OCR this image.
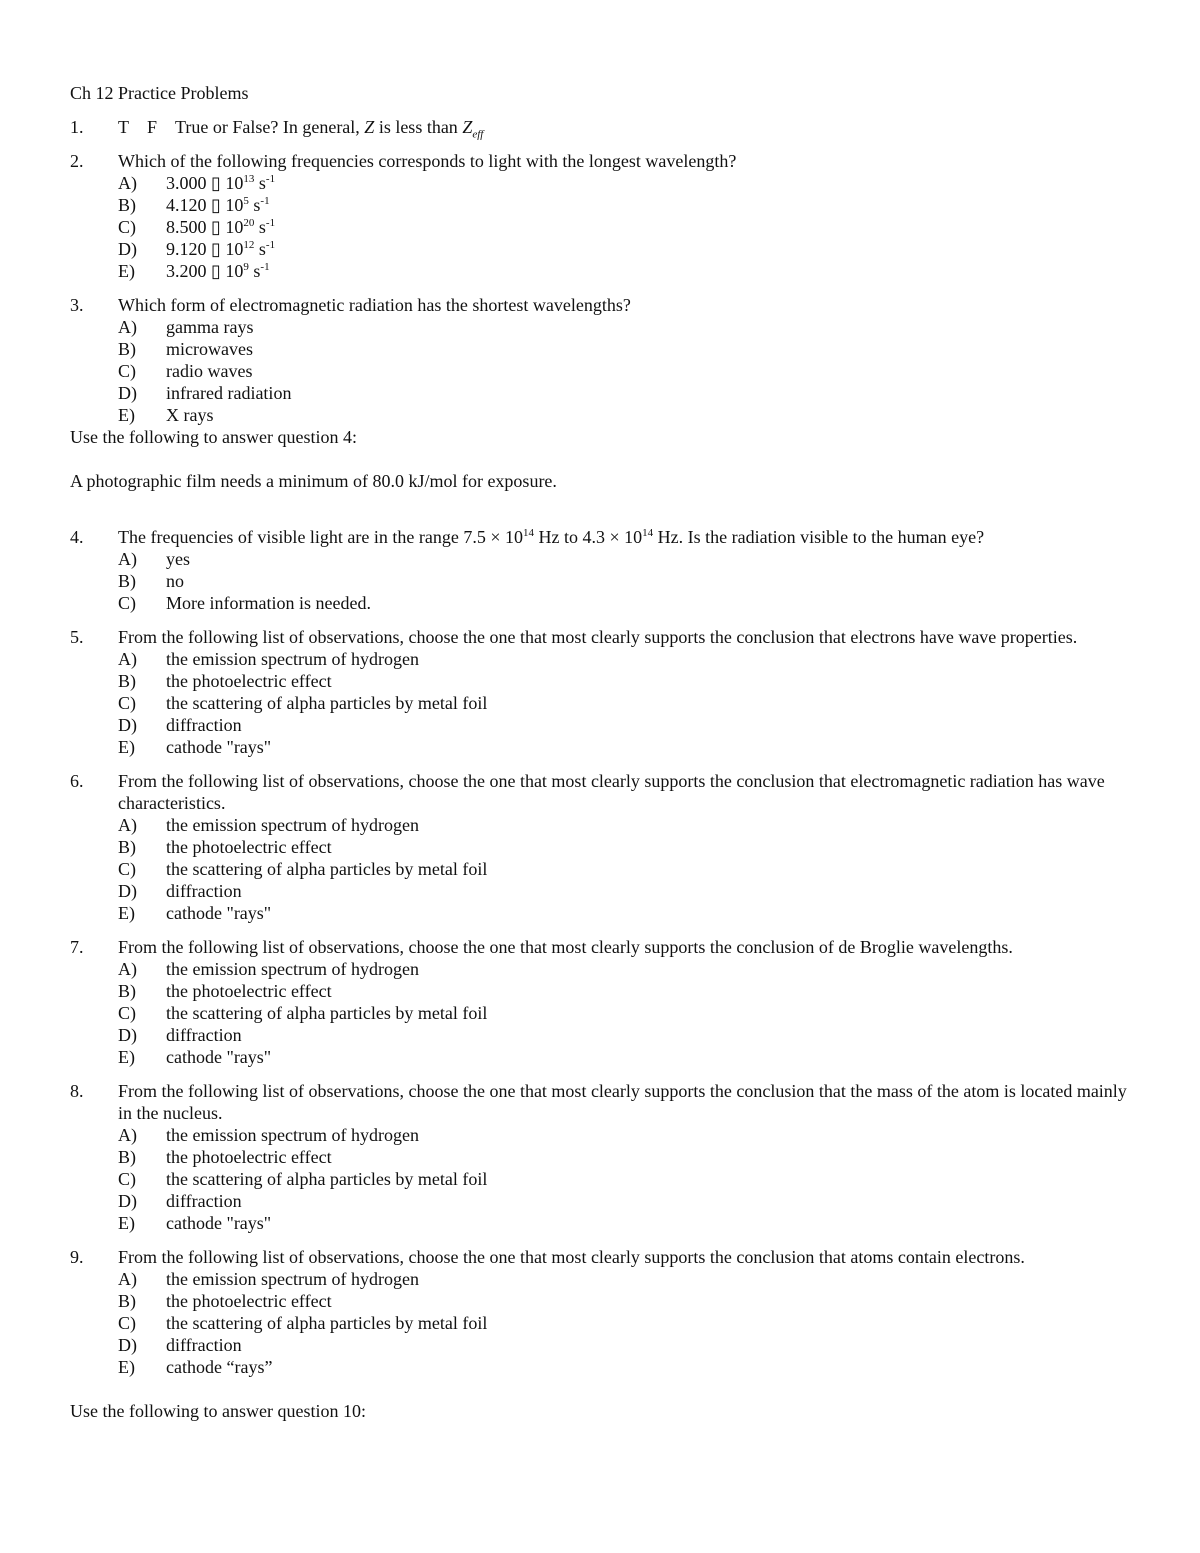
Ch 12 Practice Problems
1. T F True or False? In general, Z is less than $Z_{eff}$
2. Which of the following frequencies corresponds to light with the longest wavelength?
A) 3.000 ▯ $10^{13}$ $s^{-1}$
B) 4.120 ▯ $10^5$ $s^{-1}$
C) 8.500 ▯ $10^{20}$ $s^{-1}$
D) 9.120 ▯ $10^{12}$ $s^{-1}$
E) 3.200 ▯ $10^9$ $s^{-1}$
3. Which form of electromagnetic radiation has the shortest wavelengths?
A) gamma rays
B) microwaves
C) radio waves
D) infrared radiation
E) X rays
Use the following to answer question 4:
A photographic film needs a minimum of 80.0 kJ/mol for exposure.
4. The frequencies of visible light are in the range $7.5 \times 10^{14}$ Hz to $4.3 \times 10^{14}$ Hz. Is the radiation visible to the human eye?
A) yes
B) no
C) More information is needed.
5. From the following list of observations, choose the one that most clearly supports the conclusion that electrons have wave properties.
A) the emission spectrum of hydrogen
B) the photoelectric effect
C) the scattering of alpha particles by metal foil
D) diffraction
E) cathode "rays"
6. From the following list of observations, choose the one that most clearly supports the conclusion that electromagnetic radiation has wave characteristics.
A) the emission spectrum of hydrogen
B) the photoelectric effect
C) the scattering of alpha particles by metal foil
D) diffraction
E) cathode "rays"
7. From the following list of observations, choose the one that most clearly supports the conclusion of de Broglie wavelengths.
A) the emission spectrum of hydrogen
B) the photoelectric effect
C) the scattering of alpha particles by metal foil
D) diffraction
E) cathode "rays"
8. From the following list of observations, choose the one that most clearly supports the conclusion that the mass of the atom is located mainly in the nucleus.
A) the emission spectrum of hydrogen
B) the photoelectric effect
C) the scattering of alpha particles by metal foil
D) diffraction
E) cathode "rays"
9. From the following list of observations, choose the one that most clearly supports the conclusion that atoms contain electrons.
A) the emission spectrum of hydrogen
B) the photoelectric effect
C) the scattering of alpha particles by metal foil
D) diffraction
E) cathode “rays”
Use the following to answer question 10:
